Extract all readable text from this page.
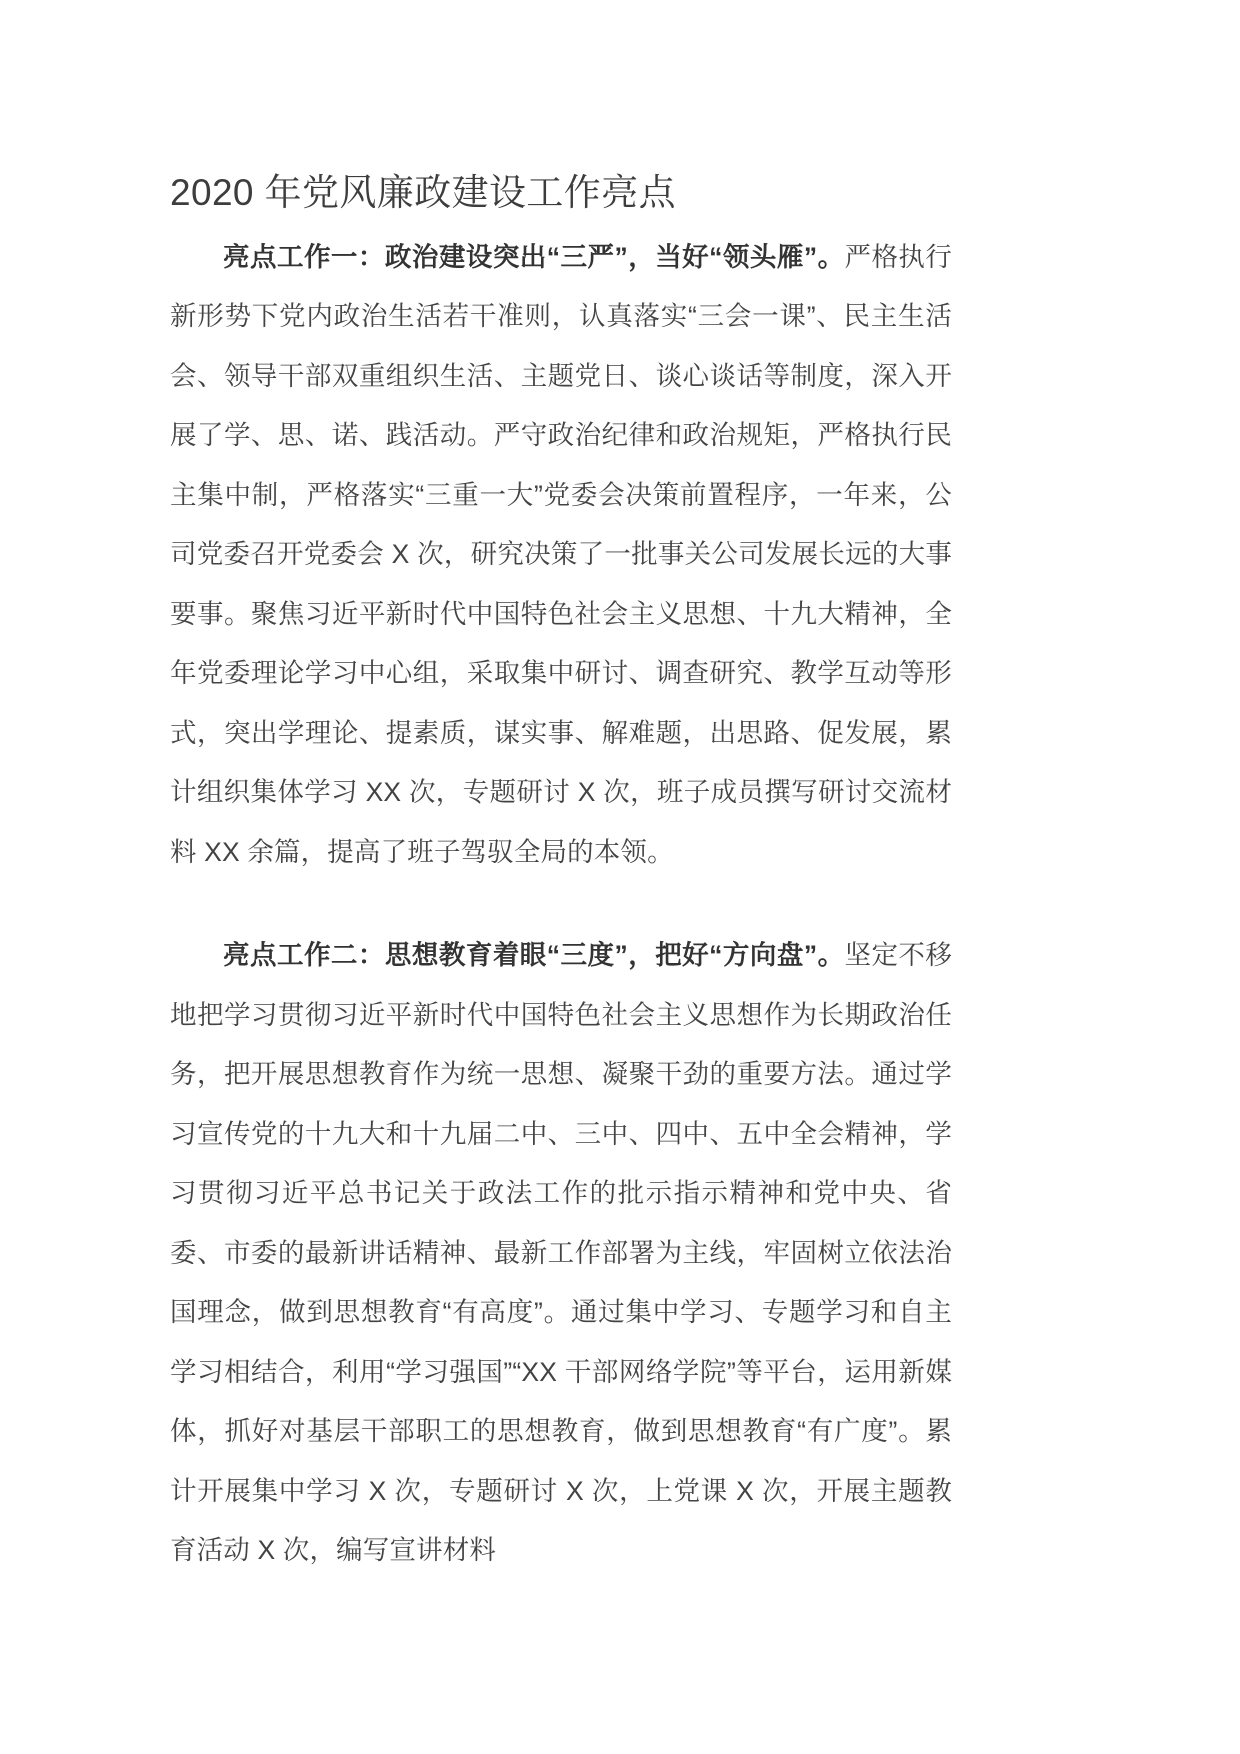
2020 年党风廉政建设工作亮点

亮点工作一：政治建设突出“三严”，当好“领头雁”。严格执行新形势下党内政治生活若干准则，认真落实“三会一课”、民主生活会、领导干部双重组织生活、主题党日、谈心谈话等制度，深入开展了学、思、诺、践活动。严守政治纪律和政治规矩，严格执行民主集中制，严格落实“三重一大”党委会决策前置程序，一年来，公司党委召开党委会 X 次，研究决策了一批事关公司发展长远的大事要事。聚焦习近平新时代中国特色社会主义思想、十九大精神，全年党委理论学习中心组，采取集中研讨、调查研究、教学互动等形式，突出学理论、提素质，谋实事、解难题，出思路、促发展，累计组织集体学习 XX 次，专题研讨 X 次，班子成员撰写研讨交流材料 XX 余篇，提高了班子驾驭全局的本领。

亮点工作二：思想教育着眼“三度”，把好“方向盘”。坚定不移地把学习贯彻习近平新时代中国特色社会主义思想作为长期政治任务，把开展思想教育作为统一思想、凝聚干劲的重要方法。通过学习宣传党的十九大和十九届二中、三中、四中、五中全会精神，学习贯彻习近平总书记关于政法工作的批示指示精神和党中央、省委、市委的最新讲话精神、最新工作部署为主线，牢固树立依法治国理念，做到思想教育“有高度”。通过集中学习、专题学习和自主学习相结合，利用“学习强国”“XX 干部网络学院”等平台，运用新媒体，抓好对基层干部职工的思想教育，做到思想教育“有广度”。累计开展集中学习 X 次，专题研讨 X 次，上党课 X 次，开展主题教育活动 X 次，编写宣讲材料
